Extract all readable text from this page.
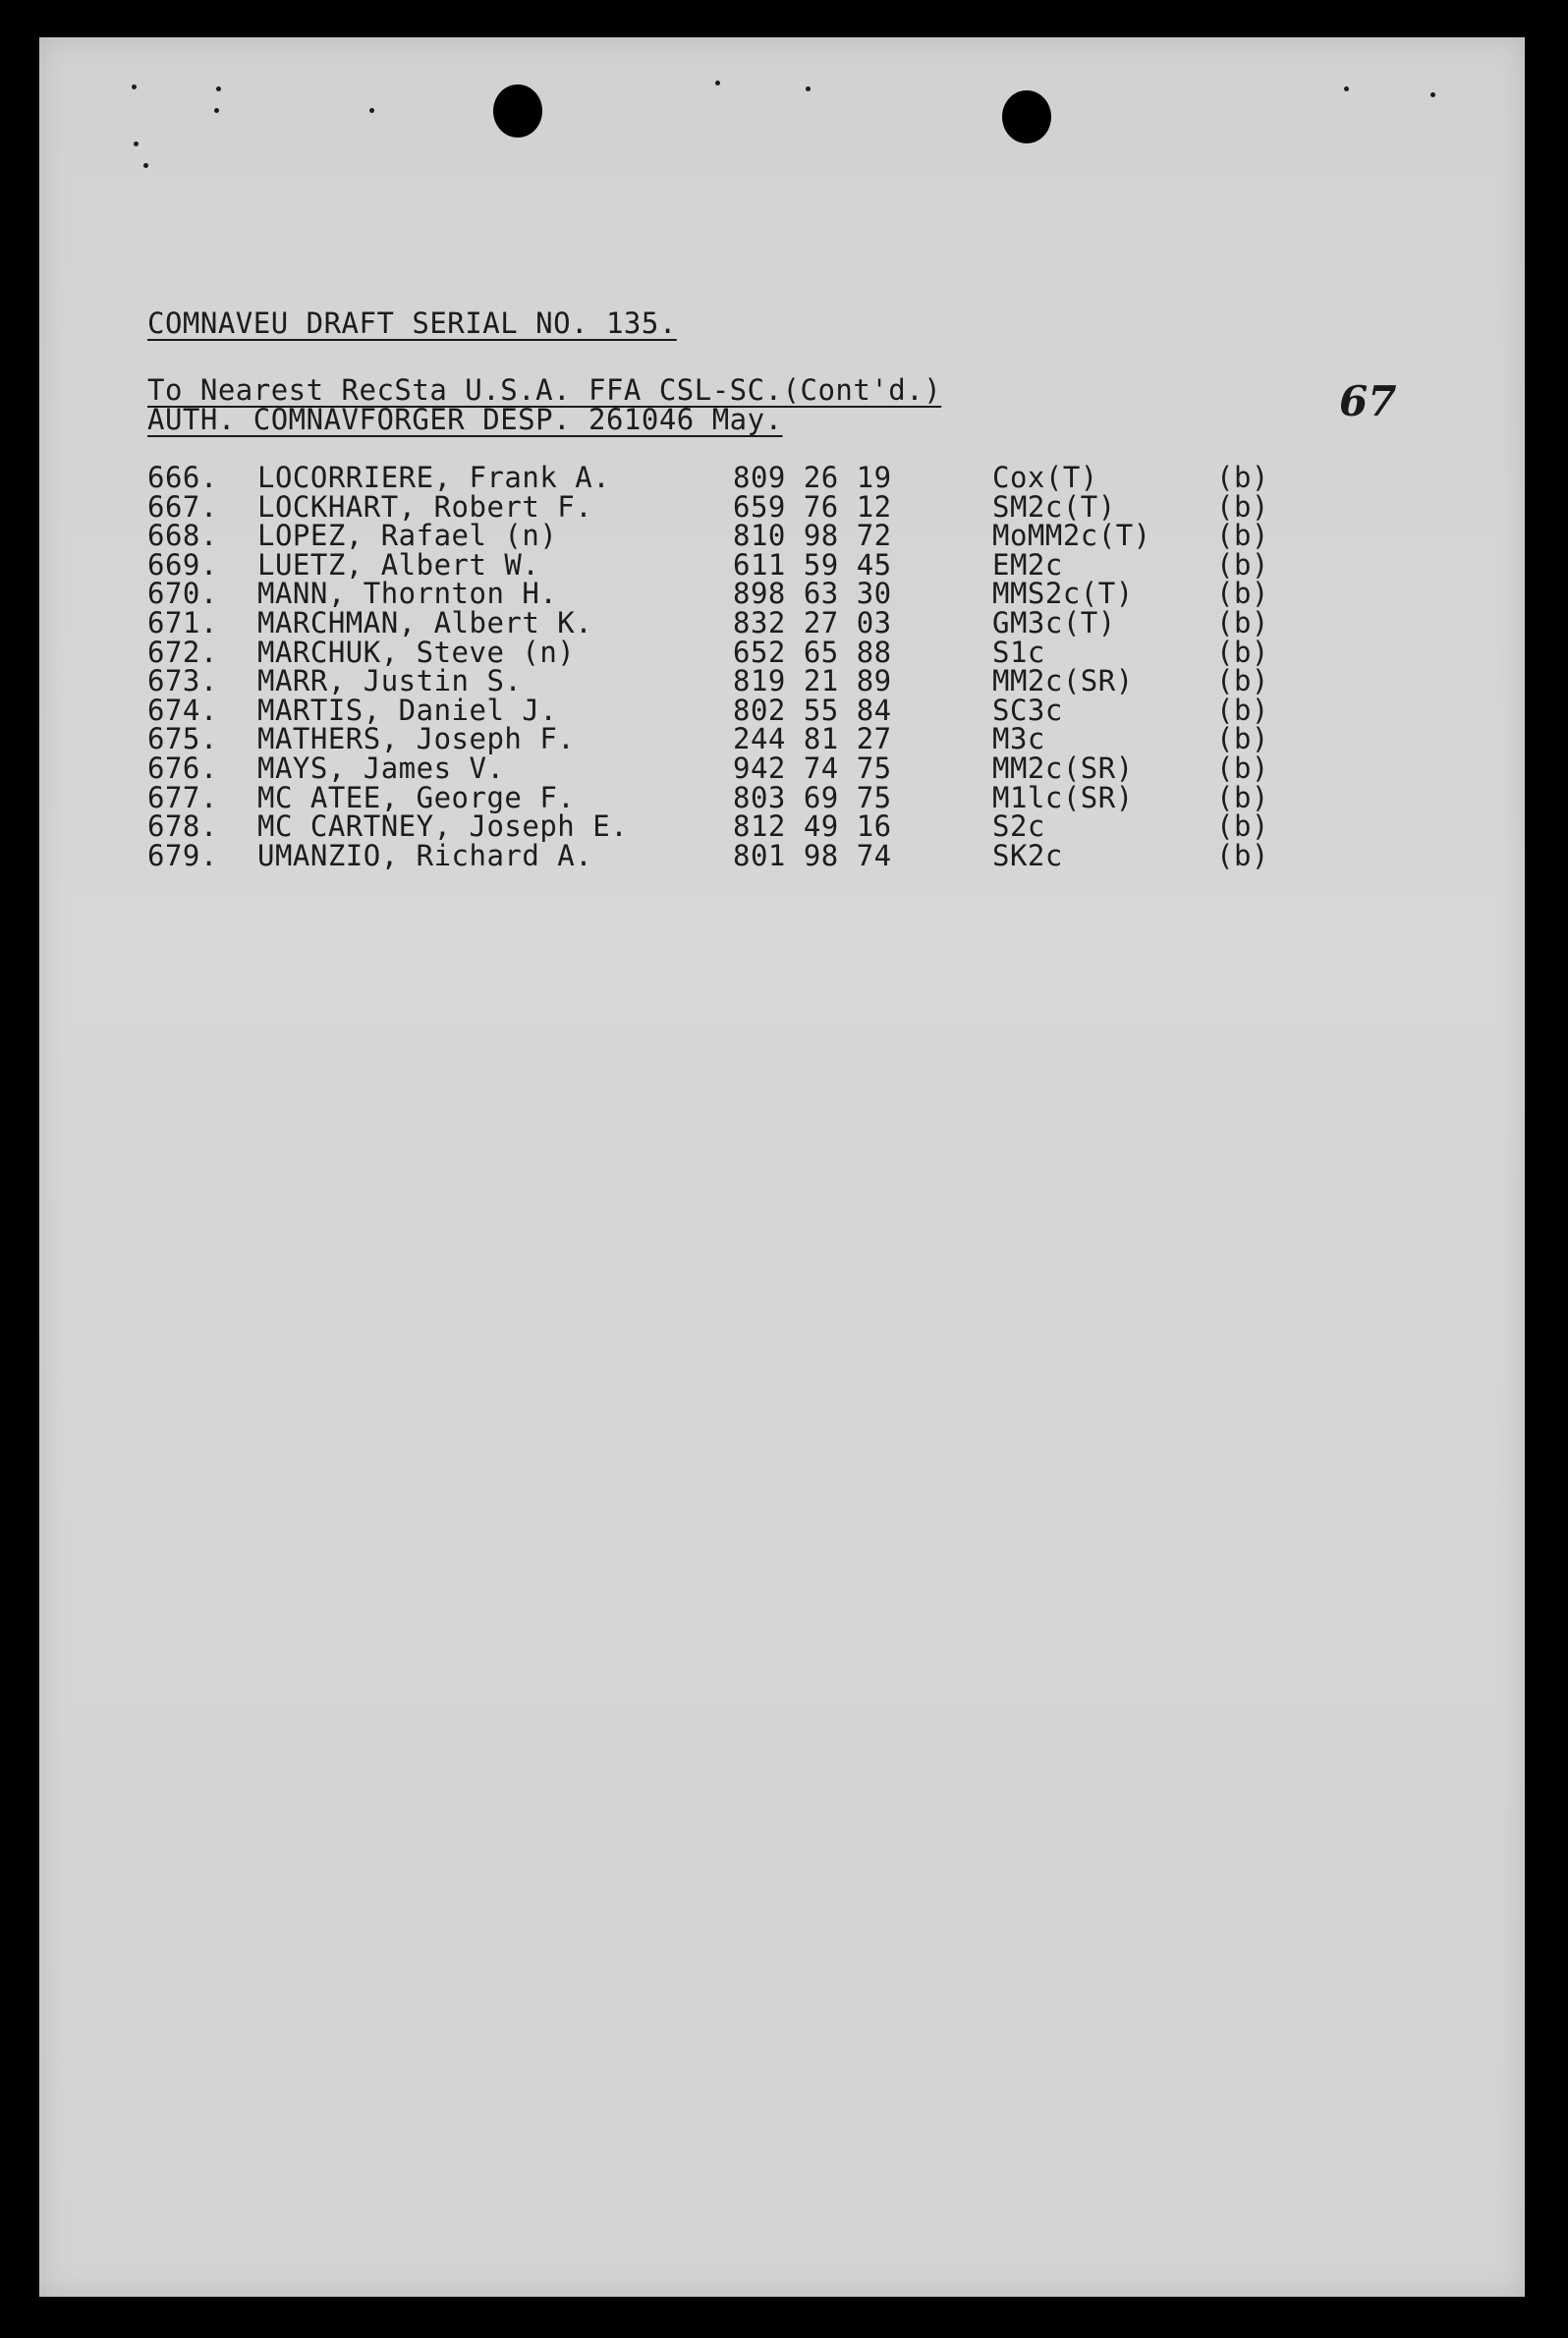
COMNAVEU DRAFT SERIAL NO. 135.
To Nearest RecSta U.S.A. FFA CSL-SC.(Cont'd.)
AUTH. COMNAVFORGER DESP. 261046 May.	67
666. LOCORRIERE, Frank A.	809 26 19	Cox(T)	(b)
667. LOCKHART, Robert F.	659 76 12	SM2c(T)	(b)
668. LOPEZ, Rafael (n)	810 98 72	MoMM2c(T) (b)
669. LUETZ, Albert W.	611 59 45	EM2c	(b)
670. MANN, Thornton H.	898 63 30	MMS2c(T)	(b)
671. MARCHMAN, Albert K.	832 27 03	GM3c(T)	(b)
672. MARCHUK, Steve (n)	652 65 88	S1c	(b)
673. MARR, Justin S.	819 21 89	MM2c(SR)	(b)
674. MARTIS, Daniel J.	802 55 84	SC3c	(b)
675. MATHERS, Joseph F.	244 81 27	M3c	(b)
676. MAYS, James V.	942 74 75	MM2c(SR)	(b)
677. MC ATEE, George F.	803 69 75	M1lc(SR)	(b)
678. MC CARTNEY, Joseph E.	812 49 16	S2c	(b)
679. UMANZIO, Richard A.	801 98 74	SK2c	(b)
